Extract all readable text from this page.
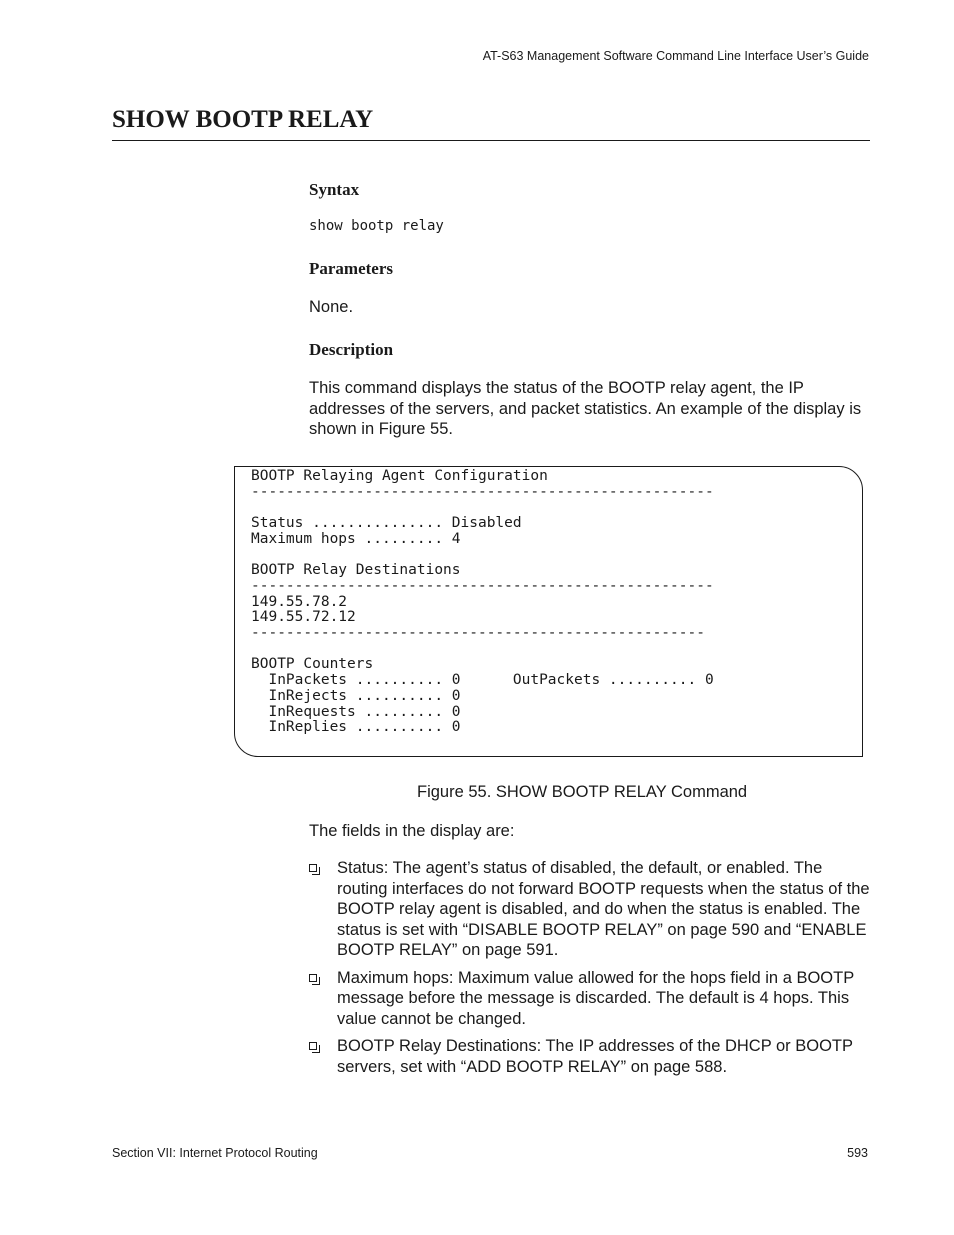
AT-S63 Management Software Command Line Interface User’s Guide
SHOW BOOTP RELAY
Syntax
show bootp relay
Parameters

None.

Description

This command displays the status of the BOOTP relay agent, the IP addresses of the servers, and packet statistics. An example of the display is shown in Figure 55.

BOOTP Relaying Agent Configuration
-----------------------------------------------------

Status ............... Disabled
Maximum hops ......... 4

BOOTP Relay Destinations
-----------------------------------------------------
149.55.78.2
149.55.72.12
----------------------------------------------------

BOOTP Counters
InPackets .......... 0      OutPackets .......... 0
InRejects .......... 0
InRequests ......... 0
InReplies .......... 0
Figure 55. SHOW BOOTP RELAY Command

The fields in the display are:

Status: The agent’s status of disabled, the default, or enabled. The routing interfaces do not forward BOOTP requests when the status of the BOOTP relay agent is disabled, and do when the status is enabled. The status is set with “DISABLE BOOTP RELAY” on page 590 and “ENABLE BOOTP RELAY” on page 591.
Maximum hops: Maximum value allowed for the hops field in a BOOTP message before the message is discarded. The default is 4 hops. This value cannot be changed.
BOOTP Relay Destinations: The IP addresses of the DHCP or BOOTP servers, set with “ADD BOOTP RELAY” on page 588.
Section VII: Internet Protocol Routing	593
